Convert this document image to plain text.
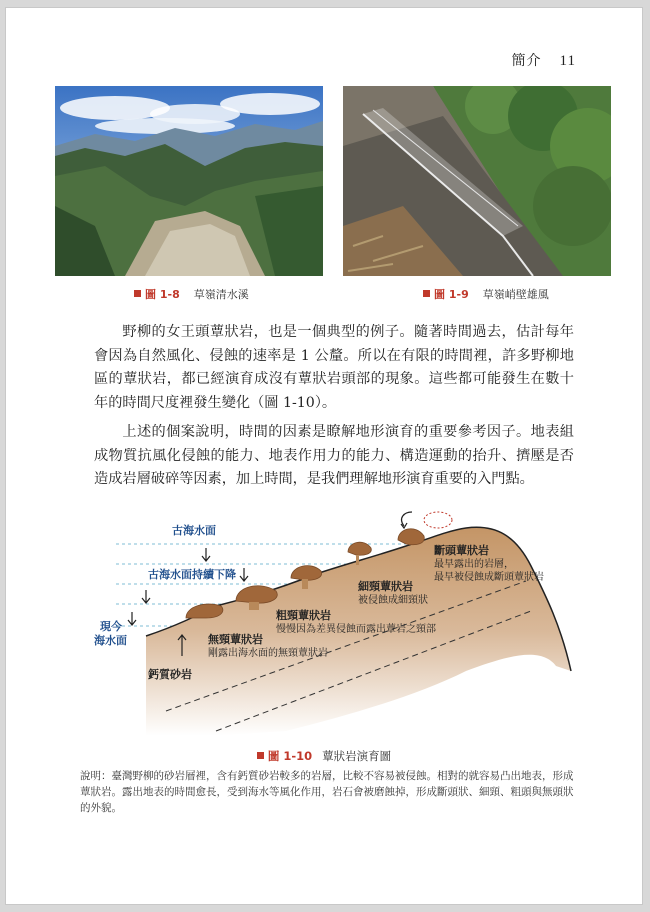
簡介 11
圖 1-8 草嶺清水溪	圖 1-9 草嶺峭壁雄風

野柳的女王頭蕈狀岩，也是一個典型的例子。隨著時間過去，估計每年會因為自然風化、侵蝕的速率是 1 公釐。所以在有限的時間裡，許多野柳地區的蕈狀岩，都已經演育成沒有蕈狀岩頭部的現象。這些都可能發生在數十年的時間尺度裡發生變化（圖 1-10）。

上述的個案說明，時間的因素是瞭解地形演育的重要參考因子。地表組成物質抗風化侵蝕的能力、地表作用力的能力、構造運動的抬升、擠壓是否造成岩層破碎等因素，加上時間，是我們理解地形演育重要的入門點。

古海水面
古海水面持續下降
現今
海水面
鈣質砂岩
無頸蕈狀岩
剛露出海水面的無頸蕈狀岩
粗頸蕈狀岩
慢慢因為差異侵蝕而露出蕈岩之頸部
細頸蕈狀岩
被侵蝕成細頸狀
斷頭蕈狀岩
最早露出的岩層，
最早被侵蝕成斷頭蕈狀岩
圖 1-10 蕈狀岩演育圖

說明：臺灣野柳的砂岩層裡，含有鈣質砂岩較多的岩層，比較不容易被侵蝕。相對的就容易凸出地表，形成蕈狀岩。露出地表的時間愈長，受到海水等風化作用，岩石會被磨蝕掉，形成斷頭狀、細頸、粗頭與無頭狀的外貌。
